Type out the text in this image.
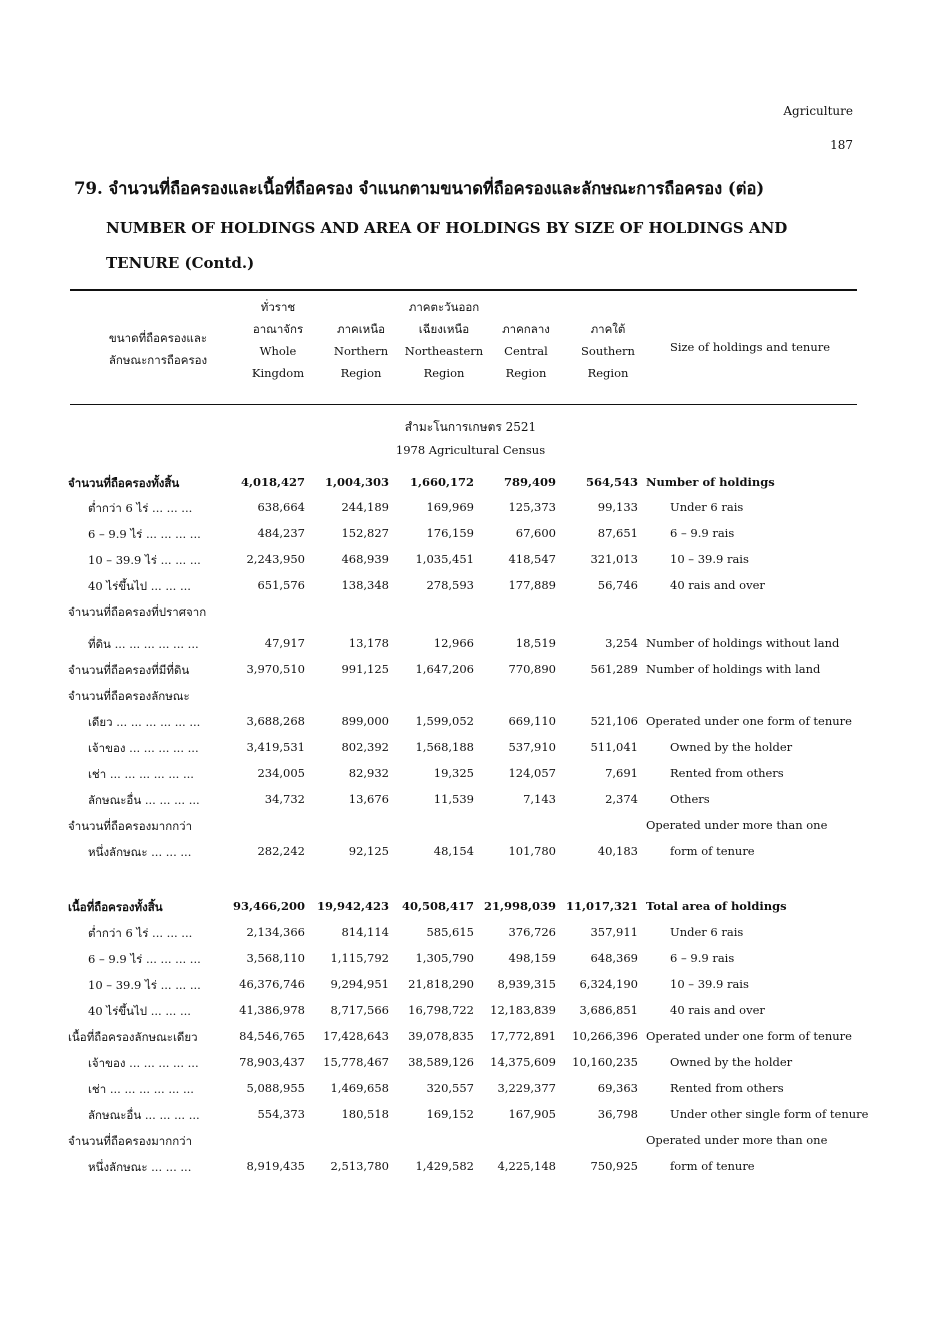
Agriculture
187
79. จำนวนที่ถือครองและเนื้อที่ถือครอง จำแนกตามขนาดที่ถือครองและลักษณะการถือครอง (ต่อ)
NUMBER OF HOLDINGS AND AREA OF HOLDINGS BY SIZE OF HOLDINGS AND
TENURE (Contd.)
ขนาดที่ถือครองและ
ลักษณะการถือครอง
ทั่วราช
อาณาจักร
Whole
Kingdom
ภาคเหนือ
Northern
Region
ภาคตะวันออก
เฉียงเหนือ
Northeastern
Region
ภาคกลาง
Central
Region
ภาคใต้
Southern
Region
Size of holdings and tenure
สำมะโนการเกษตร 2521
1978 Agricultural Census
จำนวนที่ถือครองทั้งสิ้น	4,018,427 1,004,303 1,660,172	789,409	564,543 Number of holdings
ต่ำกว่า 6 ไร่ ... ... ...	638,664	244,189	169,969	125,373	99,133	Under 6 rais
6 – 9.9 ไร่ ... ... ... ...	484,237	152,827	176,159	67,600	87,651	6 – 9.9 rais
10 – 39.9 ไร่ ... ... ...	2,243,950	468,939 1,035,451	418,547	321,013	10 – 39.9 rais
40 ไร่ขึ้นไป ... ... ...	651,576	138,348	278,593	177,889	56,746	40 rais and over
จำนวนที่ถือครองที่ปราศจาก
ที่ดิน ... ... ... ... ... ...	47,917	13,178	12,966	18,519	3,254 Number of holdings without land
จำนวนที่ถือครองที่มีที่ดิน	3,970,510	991,125 1,647,206	770,890	561,289 Number of holdings with land
จำนวนที่ถือครองลักษณะ
เดียว ... ... ... ... ... ...	3,688,268	899,000 1,599,052	669,110	521,106 Operated under one form of tenure
เจ้าของ ... ... ... ... ...	3,419,531	802,392 1,568,188	537,910	511,041	Owned by the holder
เช่า ... ... ... ... ... ...	234,005	82,932	19,325	124,057	7,691	Rented from others
ลักษณะอื่น ... ... ... ...	34,732	13,676	11,539	7,143	2,374	Others
จำนวนที่ถือครองมากกว่า	Operated under more than one
หนึ่งลักษณะ ... ... ...	282,242	92,125	48,154	101,780	40,183	form of tenure
เนื้อที่ถือครองทั้งสิ้น	93,466,200 19,942,423 40,508,417 21,998,039 11,017,321 Total area of holdings
ต่ำกว่า 6 ไร่ ... ... ...	2,134,366	814,114	585,615	376,726	357,911	Under 6 rais
6 – 9.9 ไร่ ... ... ... ...	3,568,110 1,115,792 1,305,790	498,159	648,369	6 – 9.9 rais
10 – 39.9 ไร่ ... ... ...	46,376,746 9,294,951 21,818,290 8,939,315 6,324,190	10 – 39.9 rais
40 ไร่ขึ้นไป ... ... ...	41,386,978 8,717,566 16,798,722 12,183,839 3,686,851	40 rais and over
เนื้อที่ถือครองลักษณะเดียว	84,546,765 17,428,643 39,078,835 17,772,891 10,266,396 Operated under one form of tenure
เจ้าของ ... ... ... ... ...	78,903,437 15,778,467 38,589,126 14,375,609 10,160,235	Owned by the holder
เช่า ... ... ... ... ... ...	5,088,955 1,469,658	320,557 3,229,377	69,363	Rented from others
ลักษณะอื่น ... ... ... ...	554,373	180,518	169,152	167,905	36,798	Under other single form of tenure
จำนวนที่ถือครองมากกว่า	Operated under more than one
หนึ่งลักษณะ ... ... ...	8,919,435 2,513,780 1,429,582 4,225,148	750,925	form of tenure
